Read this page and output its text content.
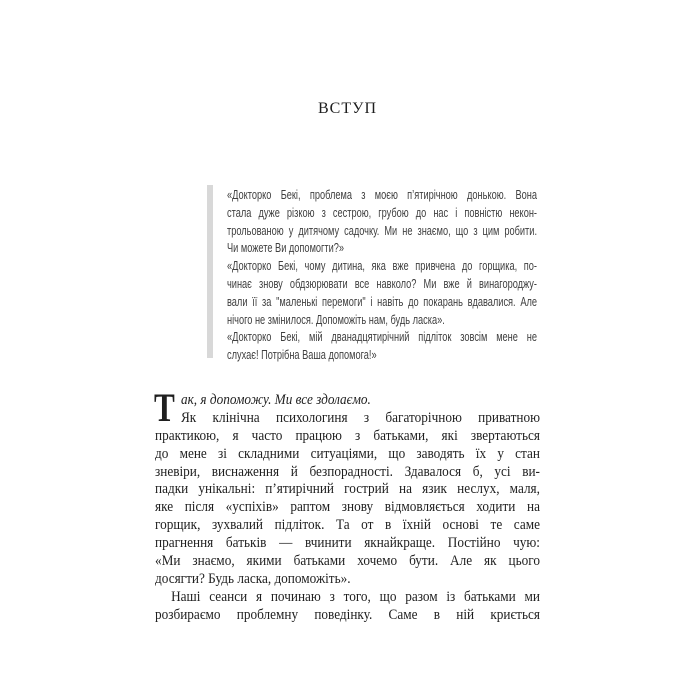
ВСТУП
«Докторко Бекі, проблема з моєю п’ятирічною донькою. Вона
стала дуже різкою з сестрою, грубою до нас і повністю некон-
трольованою у дитячому садочку. Ми не знаємо, що з цим робити.
Чи можете Ви допомогти?»
«Докторко Бекі, чому дитина, яка вже привчена до горщика, по-
чинає знову обдзюрювати все навколо? Ми вже й винагороджу-
вали її за "маленькі перемоги" і навіть до покарань вдавалися. Але
нічого не змінилося. Допоможіть нам, будь ласка».
«Докторко Бекі, мій дванадцятирічний підліток зовсім мене не
слухає! Потрібна Ваша допомога!»
Т ак, я допоможу. Ми все здолаємо.
Як клінічна психологиня з багаторічною приватною
практикою, я часто працюю з батьками, які звертаються
до мене зі складними ситуаціями, що заводять їх у стан
зневіри, виснаження й безпорадності. Здавалося б, усі ви-
падки унікальні: п’ятирічний гострий на язик неслух, маля,
яке після «успіхів» раптом знову відмовляється ходити на
горщик, зухвалий підліток. Та от в їхній основі те саме
прагнення батьків — вчинити якнайкраще. Постійно чую:
«Ми знаємо, якими батьками хочемо бути. Але як цього
досягти? Будь ласка, допоможіть».
Наші сеанси я починаю з того, що разом із батьками ми
розбираємо проблемну поведінку. Саме в ній криється
